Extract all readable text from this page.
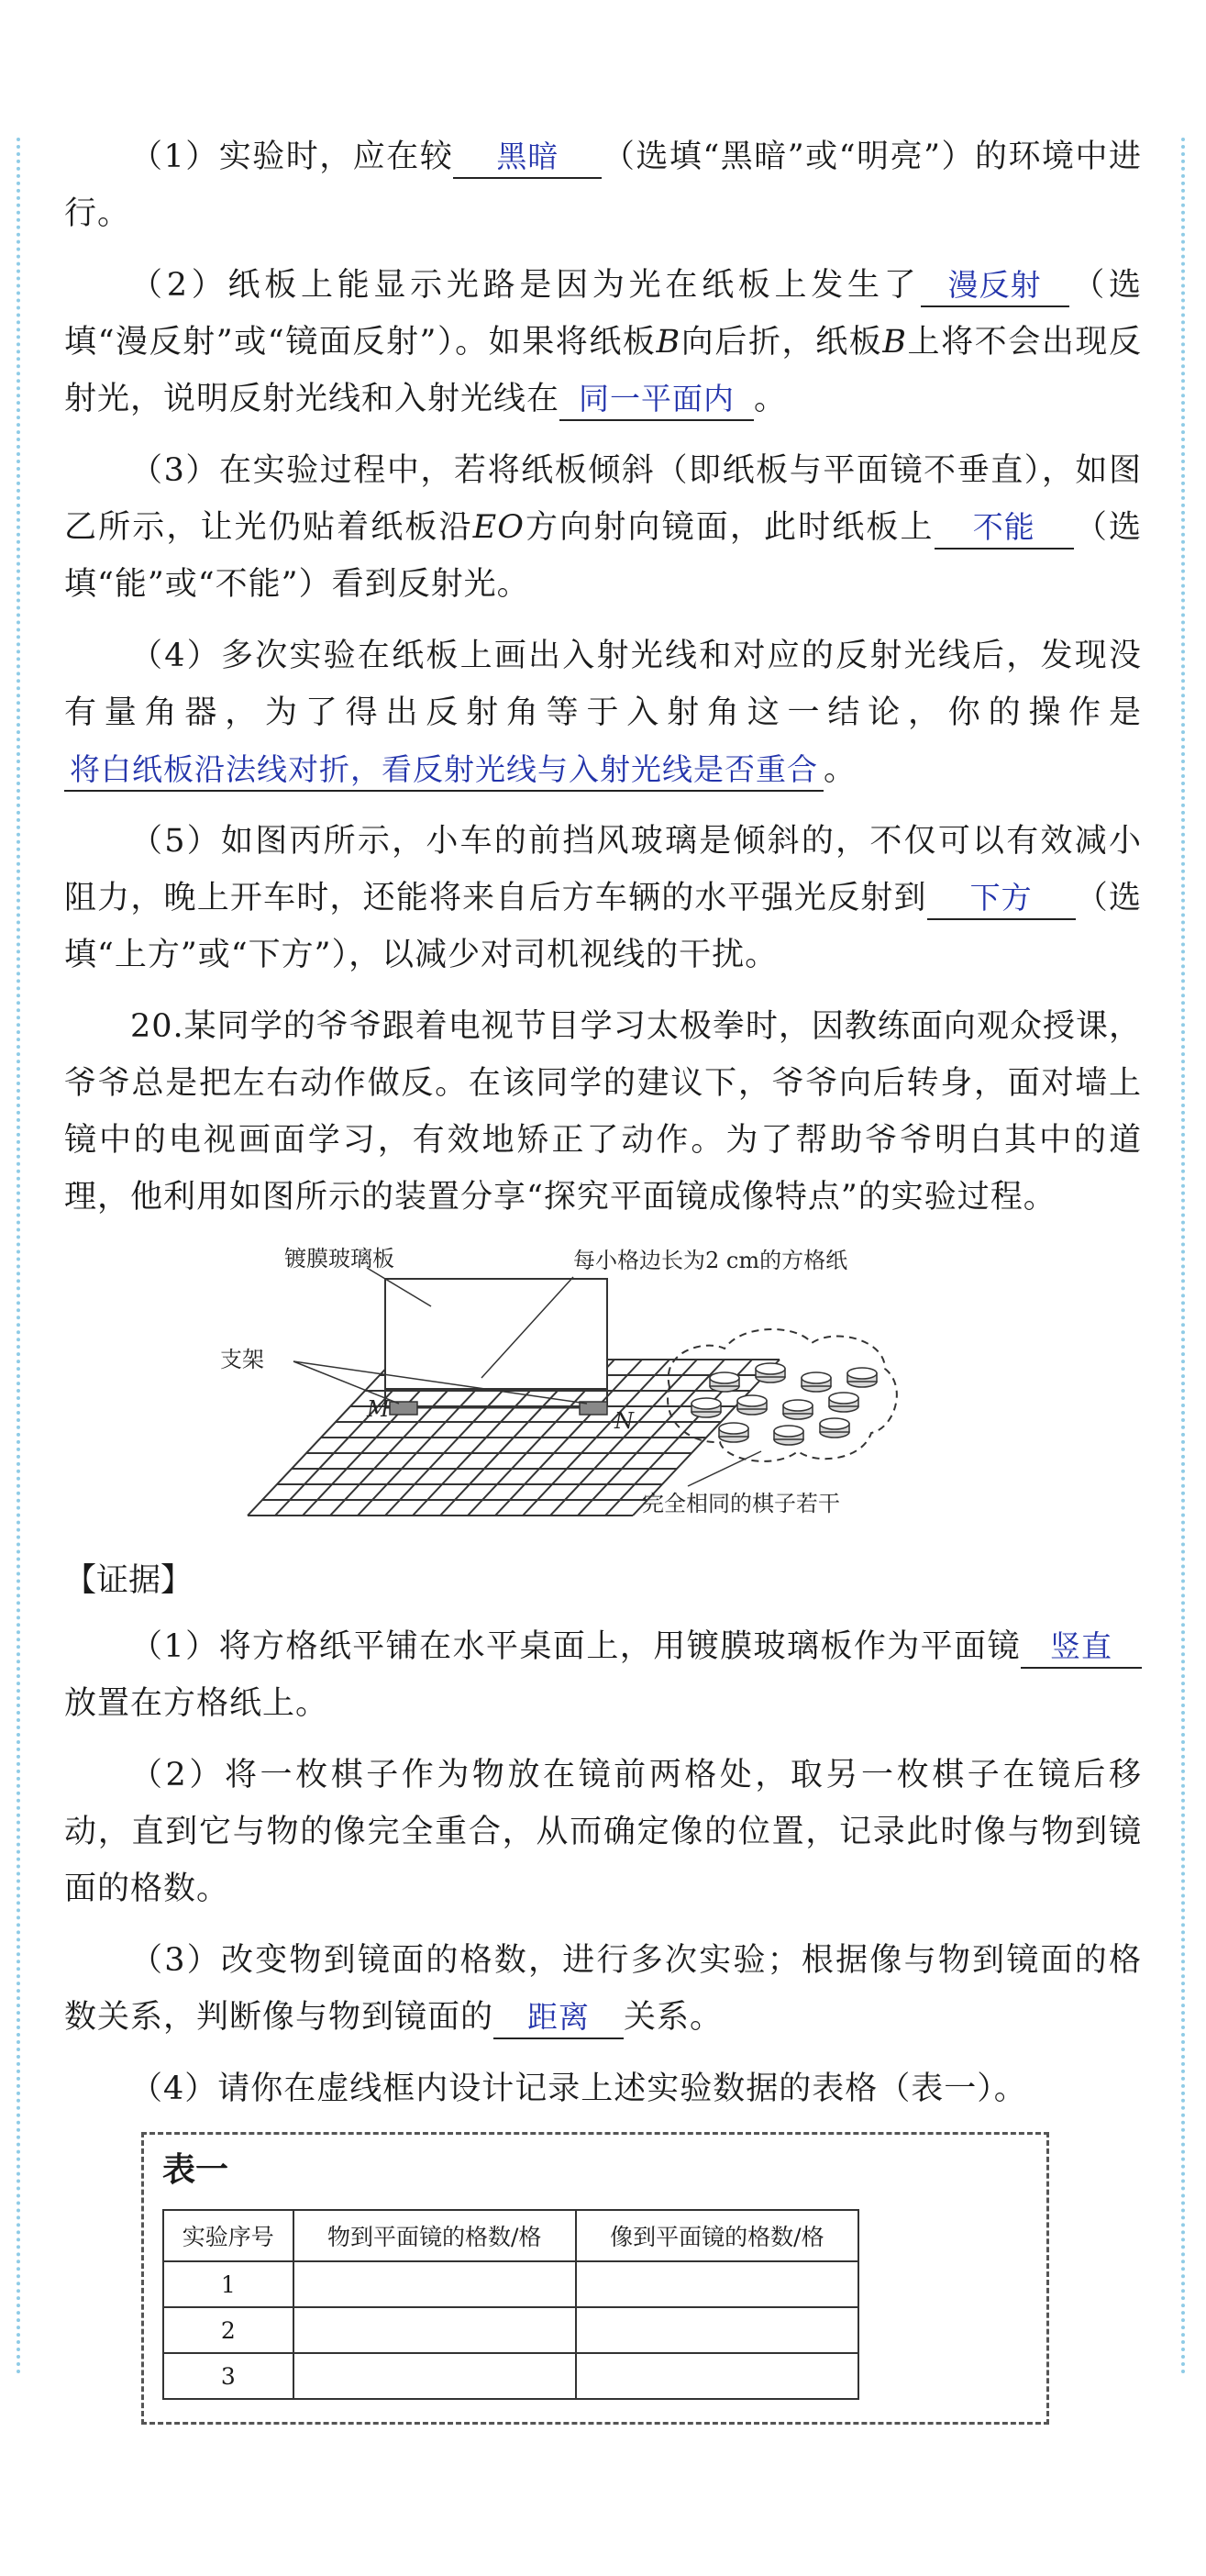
（1）实验时，应在较 黑暗 （选填“黑暗”或“明亮”）的环境中进行。

（2）纸板上能显示光路是因为光在纸板上发生了 漫反射 （选填“漫反射”或“镜面反射”）。如果将纸板B向后折，纸板B上将不会出现反射光，说明反射光线和入射光线在 同一平面内 。

（3）在实验过程中，若将纸板倾斜（即纸板与平面镜不垂直），如图乙所示，让光仍贴着纸板沿EO方向射向镜面，此时纸板上 不能 （选填“能”或“不能”）看到反射光。

（4）多次实验在纸板上画出入射光线和对应的反射光线后，发现没有量角器，为了得出反射角等于入射角这一结论，你的操作是将白纸板沿法线对折，看反射光线与入射光线是否重合 。

（5）如图丙所示，小车的前挡风玻璃是倾斜的，不仅可以有效减小阻力，晚上开车时，还能将来自后方车辆的水平强光反射到 下方 （选填“上方”或“下方”），以减少对司机视线的干扰。

20.某同学的爷爷跟着电视节目学习太极拳时，因教练面向观众授课，爷爷总是把左右动作做反。在该同学的建议下，爷爷向后转身，面对墙上镜中的电视画面学习，有效地矫正了动作。为了帮助爷爷明白其中的道理，他利用如图所示的装置分享“探究平面镜成像特点”的实验过程。

镀膜玻璃板	每小格边长为2 cm的方格纸
支架
M	N
完全相同的棋子若干

【证据】

（1）将方格纸平铺在水平桌面上，用镀膜玻璃板作为平面镜 竖直放置在方格纸上。

（2）将一枚棋子作为物放在镜前两格处，取另一枚棋子在镜后移动，直到它与物的像完全重合，从而确定像的位置，记录此时像与物到镜面的格数。

（3）改变物到镜面的格数，进行多次实验；根据像与物到镜面的格数关系，判断像与物到镜面的 距离 关系。

（4）请你在虚线框内设计记录上述实验数据的表格（表一）。

表一
实验序号	物到平面镜的格数/格	像到平面镜的格数/格
1		
2		
3		
